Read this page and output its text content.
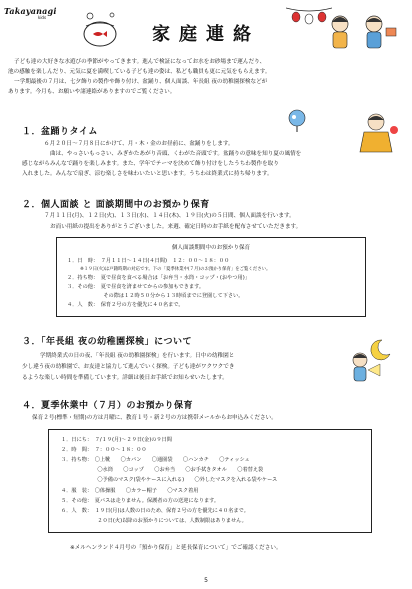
Takayanagi
kids
家庭連絡
子ども達の大好きな水遊びの季節がやってきます。進んで検証になってお水をお砂場まで運んだり、
池の感触を楽しんだり、元気に夏を満喫している子ども達の姿は、私ども職員も更に元気をもらえます。
一学期最後の７月は、七夕飾りの製作や飾り付け、盆踊り、個人面談、年長組 夜の幼稚園探検などが
あります。今月も、お願いや諸連絡がありますのでご覧ください。
１．盆踊りタイム
６月２０日～７月８日にかけて、月・木・金のお昼前に、盆踊りをします。
曲は、やっさいもっさい、みぎかたあがり音頭、くわがた音頭です。盆踊りの意味を知り夏の風情を
感じながらみんなで踊りを楽しみます。また、学年でテーマを決めて飾り付けをしたうちわ製作を取り
入れました。みんなで扇ぎ、涼む楽しさを味わいたいと思います。うちわは終業式に持ち帰ります。
２．個人面談 と 面談期間中のお預かり保育
７月１１日(月)、１２日(火)、１３日(水)、１４日(木)、１９日(火)の５日間、個人面談を行います。
お而い用紙の提出をありがとうございました。来週、確定日時のお手紙を配布させていただきます。
個人面談期間中のお預かり保育
１．日　時：　７月１１日～１４日(４日間)　１２：００～１８：００
　　　※１９日(火)は戸籍時期の対応です。下の「夏季休業中(７月)のお預かり保育」をご覧ください。
２．持ち物：　夏で昼食を食べる場合は「お弁当・水筒・コップ・(おやつ用)」
３．その他：　夏で昼食を済ませてからの参加もできます。
　　　　　　　その際は１２時５０分から１３時頃までに登園して下さい。
４．人　数：　保育２号の方を優先に４０名まで。
３．「年長組 夜の幼稚園探検」について
学期終業式の日の夜、「年長組 夜の幼稚園探検」を行います。日中の幼稚園と
少し違う夜の幼稚園で、お友達と協力して進んでいく探検。子ども達がワクワクでき
るような楽しい時間を準備しています。詳細は後日お手紙でお知らせいたします。
４．夏季休業中（７月）のお預かり保育
保育２号(標準・短期)の方は月曜に、教育１号・新２号の方は携帯メールからお申込みください。
１．日にち：　７/１９(月)～２９日(金)の９日間
２．時　間：　７：００～１８：００
３．持ち物：　〇上靴　　〇カバン　　〇通園袋　　〇ハンカチ　　〇ティッシュ
　　　　　　　〇水筒　　〇コップ　　〇お弁当　　〇お手拭きタオル　　〇着替え袋
　　　　　　　〇予備のマスク(袋やケースに入れる)　　〇外したマスクを入れる袋やケース
４．服　装：　〇体操服　　〇カラー帽子　　〇マスク着用
５．その他：　夏バスは走りません。保護者の方の送迎になります。
６．人　数：　１９日(月)は人数の日のため、保育２号の方を優先に４０名まで。
　　　　　　　２０日(火)以降のお預かりについては、人数制限はありません。
※メルヘンランド４月号の「預かり保育」と延長保育について」でご確認ください。
5
